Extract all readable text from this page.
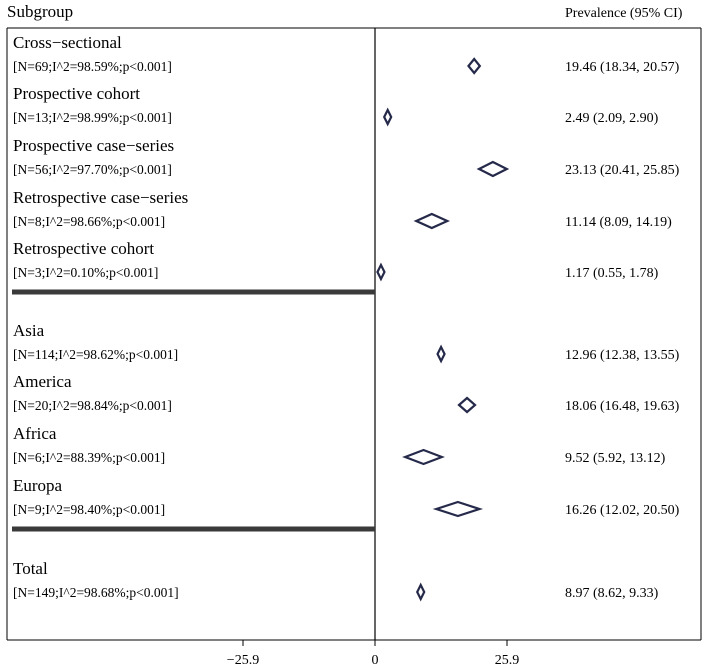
Subgroup	Prevalence (95% CI)
Cross−sectional
[N=69;I^2=98.59%;p<0.001]	19.46 (18.34, 20.57)
Prospective cohort
[N=13;I^2=98.99%;p<0.001]	2.49 (2.09, 2.90)
Prospective case−series
[N=56;I^2=97.70%;p<0.001]	23.13 (20.41, 25.85)
Retrospective case−series
[N=8;I^2=98.66%;p<0.001]	11.14 (8.09, 14.19)
Retrospective cohort
[N=3;I^2=0.10%;p<0.001]	1.17 (0.55, 1.78)
Asia
[N=114;I^2=98.62%;p<0.001]	12.96 (12.38, 13.55)
America
[N=20;I^2=98.84%;p<0.001]	18.06 (16.48, 19.63)
Africa
[N=6;I^2=88.39%;p<0.001]	9.52 (5.92, 13.12)
Europa
[N=9;I^2=98.40%;p<0.001]	16.26 (12.02, 20.50)
Total
[N=149;I^2=98.68%;p<0.001]	8.97 (8.62, 9.33)
−25.9	0	25.9
